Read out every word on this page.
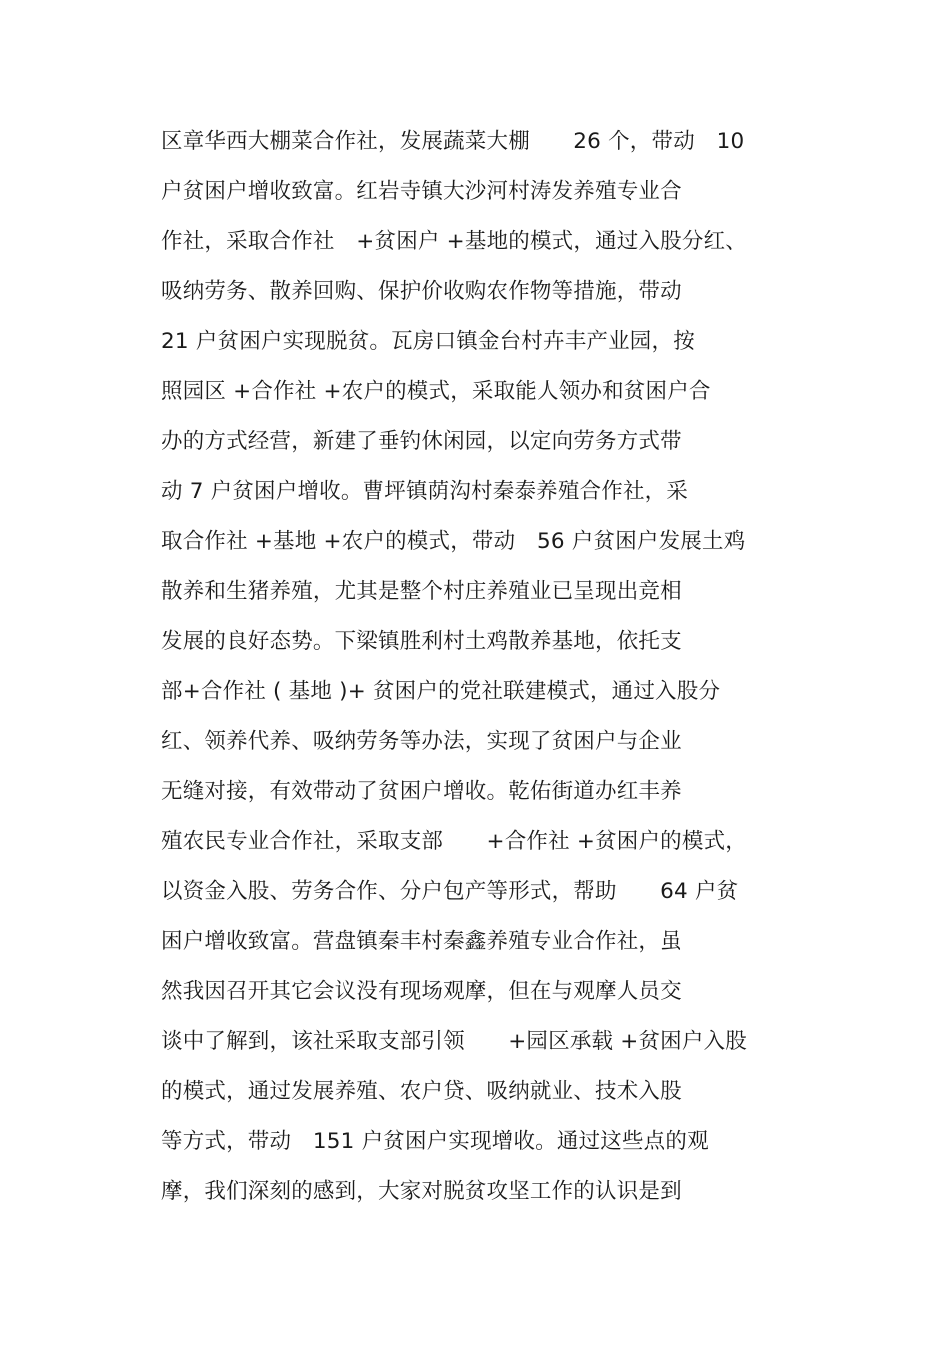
区章华西大棚菜合作社，发展蔬菜大棚　　26 个，带动　10
户贫困户增收致富。红岩寺镇大沙河村涛发养殖专业合
作社，采取合作社　+贫困户 +基地的模式，通过入股分红、
吸纳劳务、散养回购、保护价收购农作物等措施，带动
21 户贫困户实现脱贫。瓦房口镇金台村卉丰产业园，按
照园区 +合作社 +农户的模式，采取能人领办和贫困户合
办的方式经营，新建了垂钓休闲园，以定向劳务方式带
动 7 户贫困户增收。曹坪镇荫沟村秦泰养殖合作社，采
取合作社 +基地 +农户的模式，带动　56 户贫困户发展土鸡
散养和生猪养殖，尤其是整个村庄养殖业已呈现出竞相
发展的良好态势。下梁镇胜利村土鸡散养基地，依托支
部+合作社 ( 基地 )+ 贫困户的党社联建模式，通过入股分
红、领养代养、吸纳劳务等办法，实现了贫困户与企业
无缝对接，有效带动了贫困户增收。乾佑街道办红丰养
殖农民专业合作社，采取支部　　+合作社 +贫困户的模式，
以资金入股、劳务合作、分户包产等形式，帮助　　64 户贫
困户增收致富。营盘镇秦丰村秦鑫养殖专业合作社，虽
然我因召开其它会议没有现场观摩，但在与观摩人员交
谈中了解到，该社采取支部引领　　+园区承载 +贫困户入股
的模式，通过发展养殖、农户贷、吸纳就业、技术入股
等方式，带动　151 户贫困户实现增收。通过这些点的观
摩，我们深刻的感到，大家对脱贫攻坚工作的认识是到
